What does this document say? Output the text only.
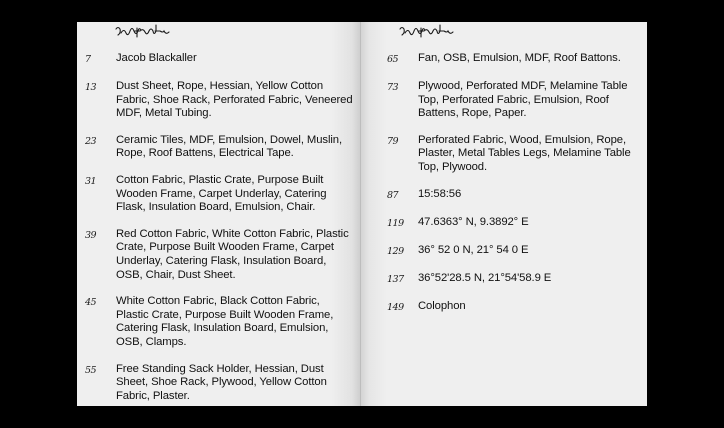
7	Jacob Blackaller
13	Dust Sheet, Rope, Hessian, Yellow Cotton Fabric, Shoe Rack, Perforated Fabric, Veneered MDF, Metal Tubing.
23	Ceramic Tiles, MDF, Emulsion, Dowel, Muslin, Rope, Roof Battens, Electrical Tape.
31	Cotton Fabric, Plastic Crate, Purpose Built Wooden Frame, Carpet Underlay, Catering Flask, Insulation Board, Emulsion, Chair.
39	Red Cotton Fabric, White Cotton Fabric, Plastic Crate, Purpose Built Wooden Frame, Carpet Underlay, Catering Flask, Insulation Board, OSB, Chair, Dust Sheet.
45	White Cotton Fabric, Black Cotton Fabric, Plastic Crate, Purpose Built Wooden Frame, Catering Flask, Insulation Board, Emulsion, OSB, Clamps.
55	Free Standing Sack Holder, Hessian, Dust Sheet, Shoe Rack, Plywood, Yellow Cotton Fabric, Plaster.
65	Fan, OSB, Emulsion, MDF, Roof Battons.
73	Plywood, Perforated MDF, Melamine Table Top, Perforated Fabric, Emulsion, Roof Battens, Rope, Paper.
79	Perforated Fabric, Wood, Emulsion, Rope, Plaster, Metal Tables Legs, Melamine Table Top, Plywood.
87	15:58:56
119	47.6363° N, 9.3892° E
129	36° 52 0 N, 21° 54 0 E
137	36°52'28.5 N, 21°54'58.9 E
149	Colophon
